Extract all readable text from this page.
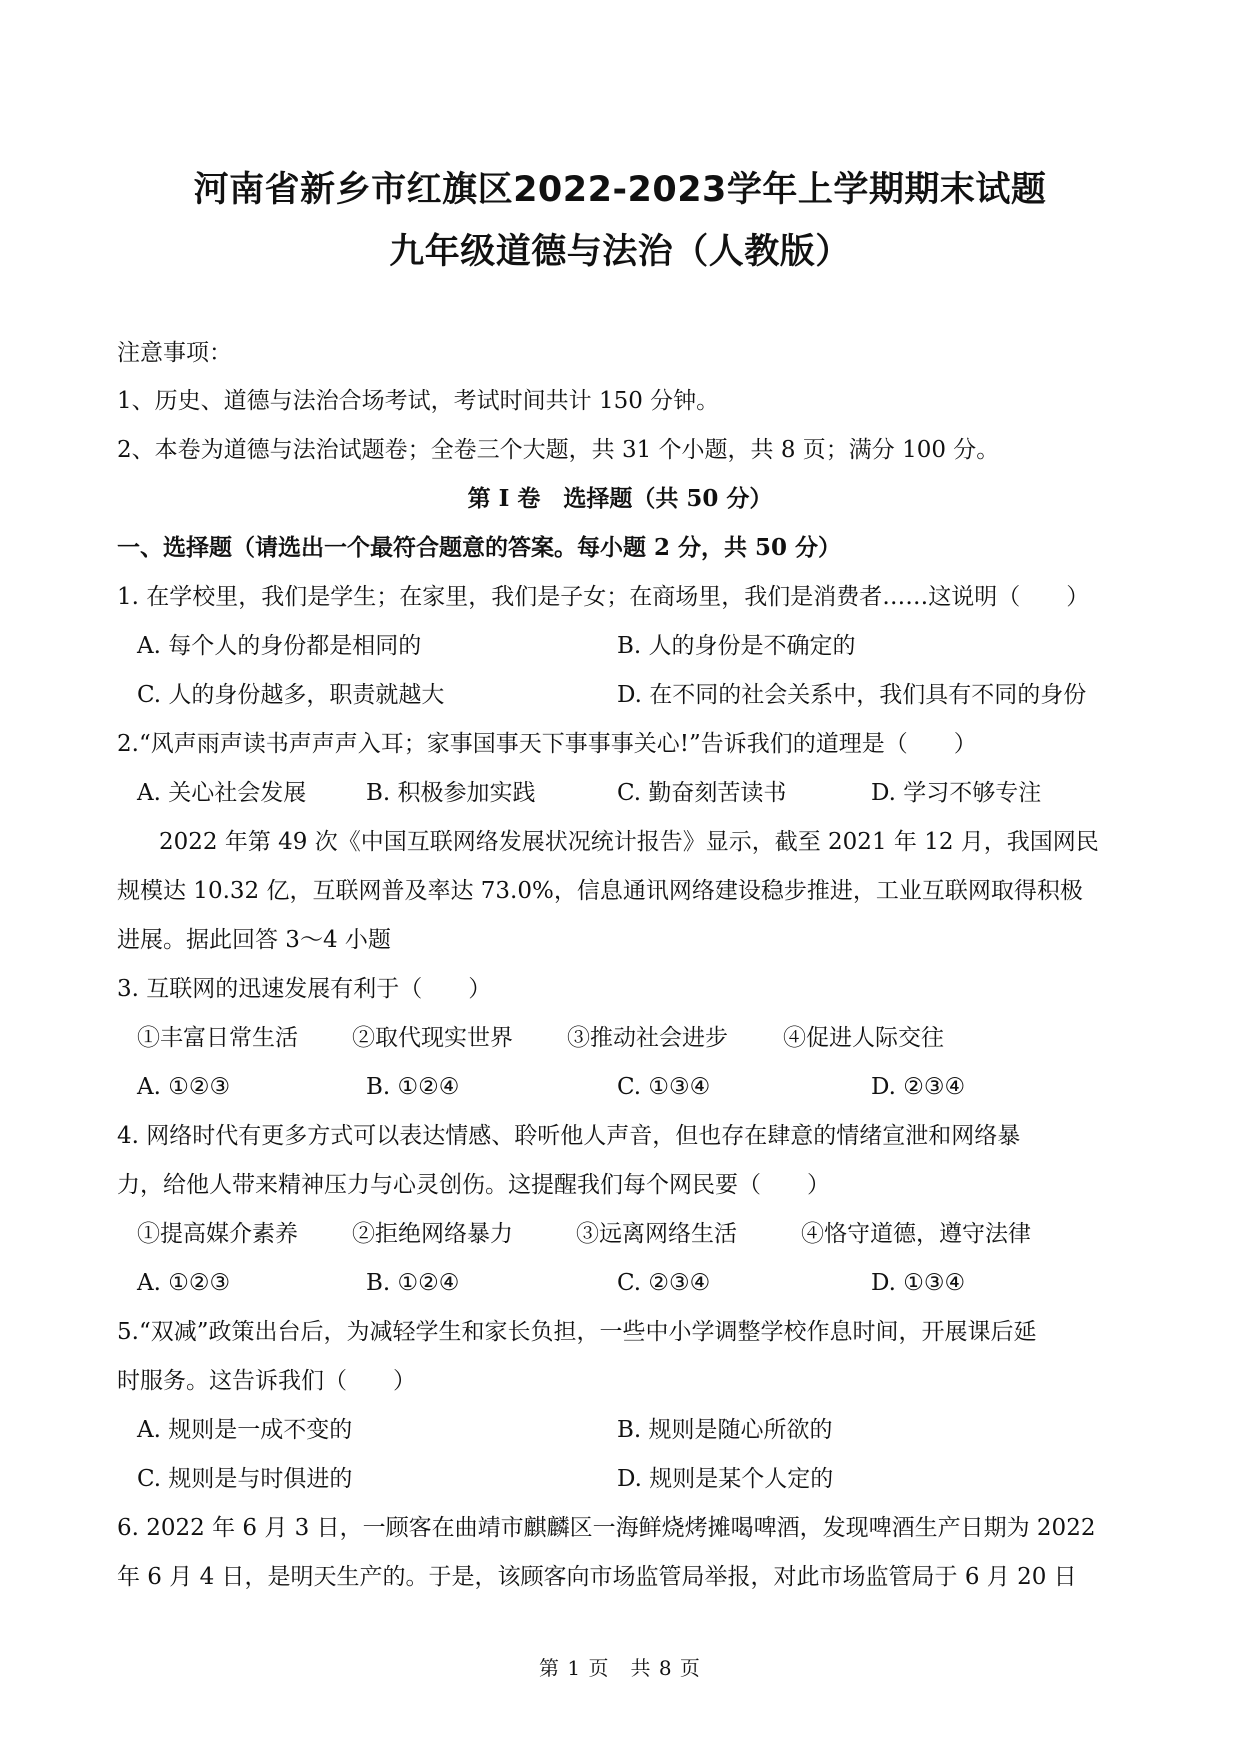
河南省新乡市红旗区2022-2023学年上学期期末试题
九年级道德与法治（人教版）
注意事项：
1、历史、道德与法治合场考试，考试时间共计 150 分钟。
2、本卷为道德与法治试题卷；全卷三个大题，共 31 个小题，共 8 页；满分 100 分。
第 I 卷　选择题（共 50 分）
一、选择题（请选出一个最符合题意的答案。每小题 2 分，共 50 分）
1. 在学校里，我们是学生；在家里，我们是子女；在商场里，我们是消费者……这说明（　　）
A. 每个人的身份都是相同的	B. 人的身份是不确定的
C. 人的身份越多，职责就越大	D. 在不同的社会关系中，我们具有不同的身份
2.“风声雨声读书声声声入耳；家事国事天下事事事关心!”告诉我们的道理是（　　）
A. 关心社会发展	B. 积极参加实践	C. 勤奋刻苦读书	D. 学习不够专注
2022 年第 49 次《中国互联网络发展状况统计报告》显示，截至 2021 年 12 月，我国网民
规模达 10.32 亿，互联网普及率达 73.0%，信息通讯网络建设稳步推进，工业互联网取得积极
进展。据此回答 3～4 小题
3. 互联网的迅速发展有利于（　　）
①丰富日常生活 ②取代现实世界 ③推动社会进步 ④促进人际交往
A. ①②③	B. ①②④	C. ①③④	D. ②③④
4. 网络时代有更多方式可以表达情感、聆听他人声音，但也存在肆意的情绪宣泄和网络暴
力，给他人带来精神压力与心灵创伤。这提醒我们每个网民要（　　）
①提高媒介素养 ②拒绝网络暴力	③远离网络生活	④恪守道德，遵守法律
A. ①②③	B. ①②④	C. ②③④	D. ①③④
5.“双减”政策出台后，为减轻学生和家长负担，一些中小学调整学校作息时间，开展课后延
时服务。这告诉我们（　　）
A. 规则是一成不变的	B. 规则是随心所欲的
C. 规则是与时俱进的	D. 规则是某个人定的
6. 2022 年 6 月 3 日，一顾客在曲靖市麒麟区一海鲜烧烤摊喝啤酒，发现啤酒生产日期为 2022
年 6 月 4 日，是明天生产的。于是，该顾客向市场监管局举报，对此市场监管局于 6 月 20 日
第 1 页　共 8 页
